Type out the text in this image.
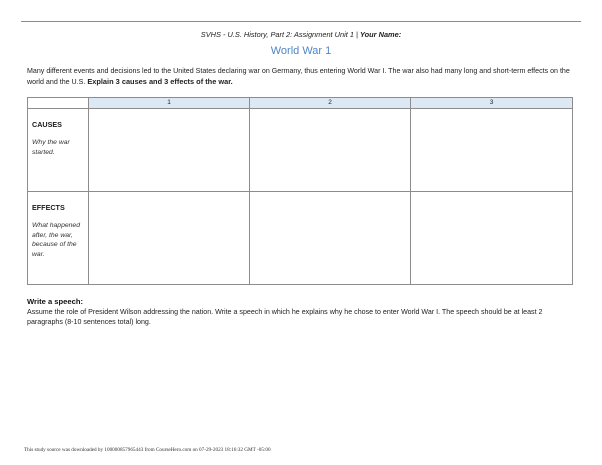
SVHS - U.S. History, Part 2: Assignment Unit 1 | Your Name:
World War 1
Many different events and decisions led to the United States declaring war on Germany, thus entering World War I. The war also had many long and short-term effects on the world and the U.S. Explain 3 causes and 3 effects of the war.
	1	2	3

CAUSES
Why the war started.			

EFFECTS
What happened after, the war, because of the war.			

Write a speech:
Assume the role of President Wilson addressing the nation. Write a speech in which he explains why he chose to enter World War I. The speech should be at least 2 paragraphs (8-10 sentences total) long.
This study source was downloaded by 100000857965443 from CourseHero.com on 07-29-2023 18:16:32 GMT -05:00
